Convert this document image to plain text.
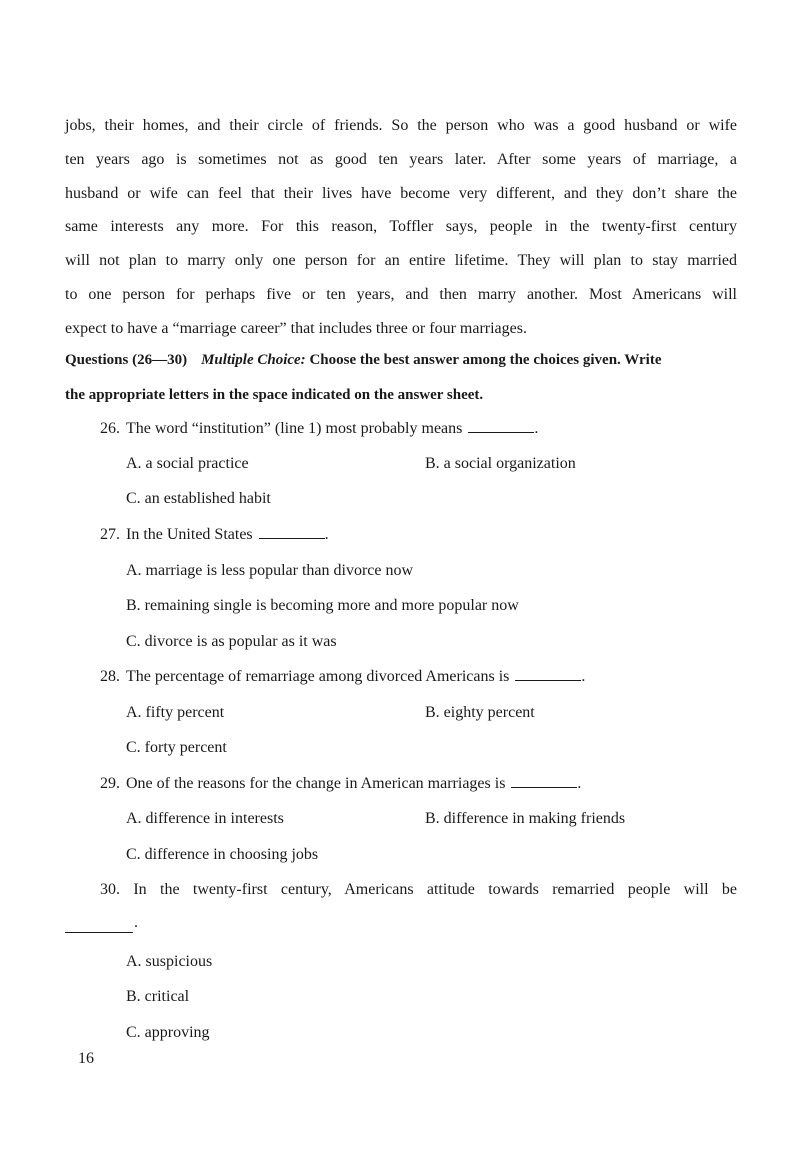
jobs, their homes, and their circle of friends. So the person who was a good husband or wife
ten years ago is sometimes not as good ten years later. After some years of marriage, a
husband or wife can feel that their lives have become very different, and they don’t share the
same interests any more. For this reason, Toffler says, people in the twenty-first century
will not plan to marry only one person for an entire lifetime. They will plan to stay married
to one person for perhaps five or ten years, and then marry another. Most Americans will
expect to have a “marriage career” that includes three or four marriages.
Questions (26—30) Multiple Choice: Choose the best answer among the choices given. Write
the appropriate letters in the space indicated on the answer sheet.
26. The word “institution” (line 1) most probably means	.
A. a social practice	B. a social organization
C. an established habit
27. In the United States	.
A. marriage is less popular than divorce now
B. remaining single is becoming more and more popular now
C. divorce is as popular as it was
28. The percentage of remarriage among divorced Americans is	.
A. fifty percent	B. eighty percent
C. forty percent
29. One of the reasons for the change in American marriages is	.
A. difference in interests	B. difference in making friends
C. difference in choosing jobs
30. In the twenty-first century, Americans attitude towards remarried people will be
.
A. suspicious
B. critical
C. approving
16
